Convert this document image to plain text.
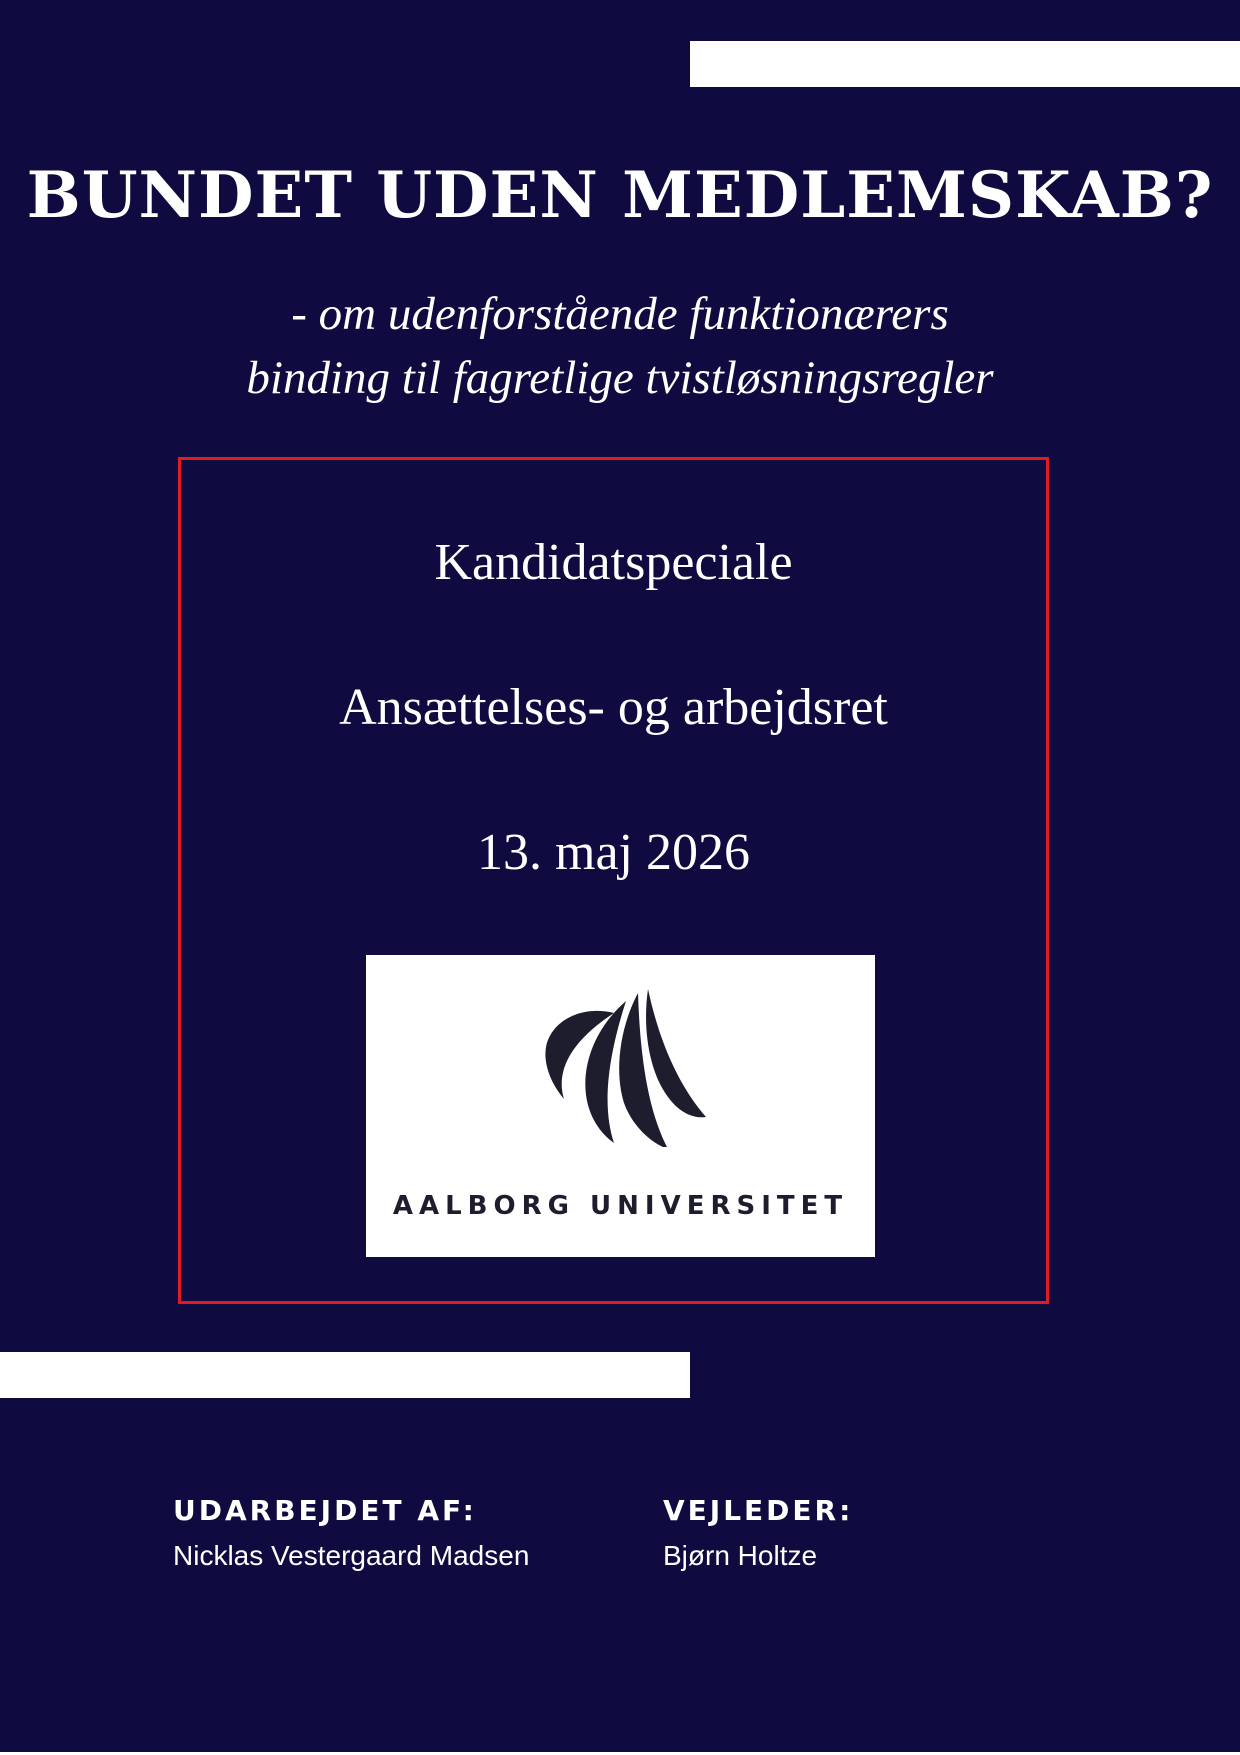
BUNDET UDEN MEDLEMSKAB?
- om udenforstående funktionærers
binding til fagretlige tvistløsningsregler
Kandidatspeciale
Ansættelses- og arbejdsret
13. maj 2026
AALBORG UNIVERSITET
UDARBEJDET AF:
Nicklas Vestergaard Madsen
VEJLEDER:
Bjørn Holtze
